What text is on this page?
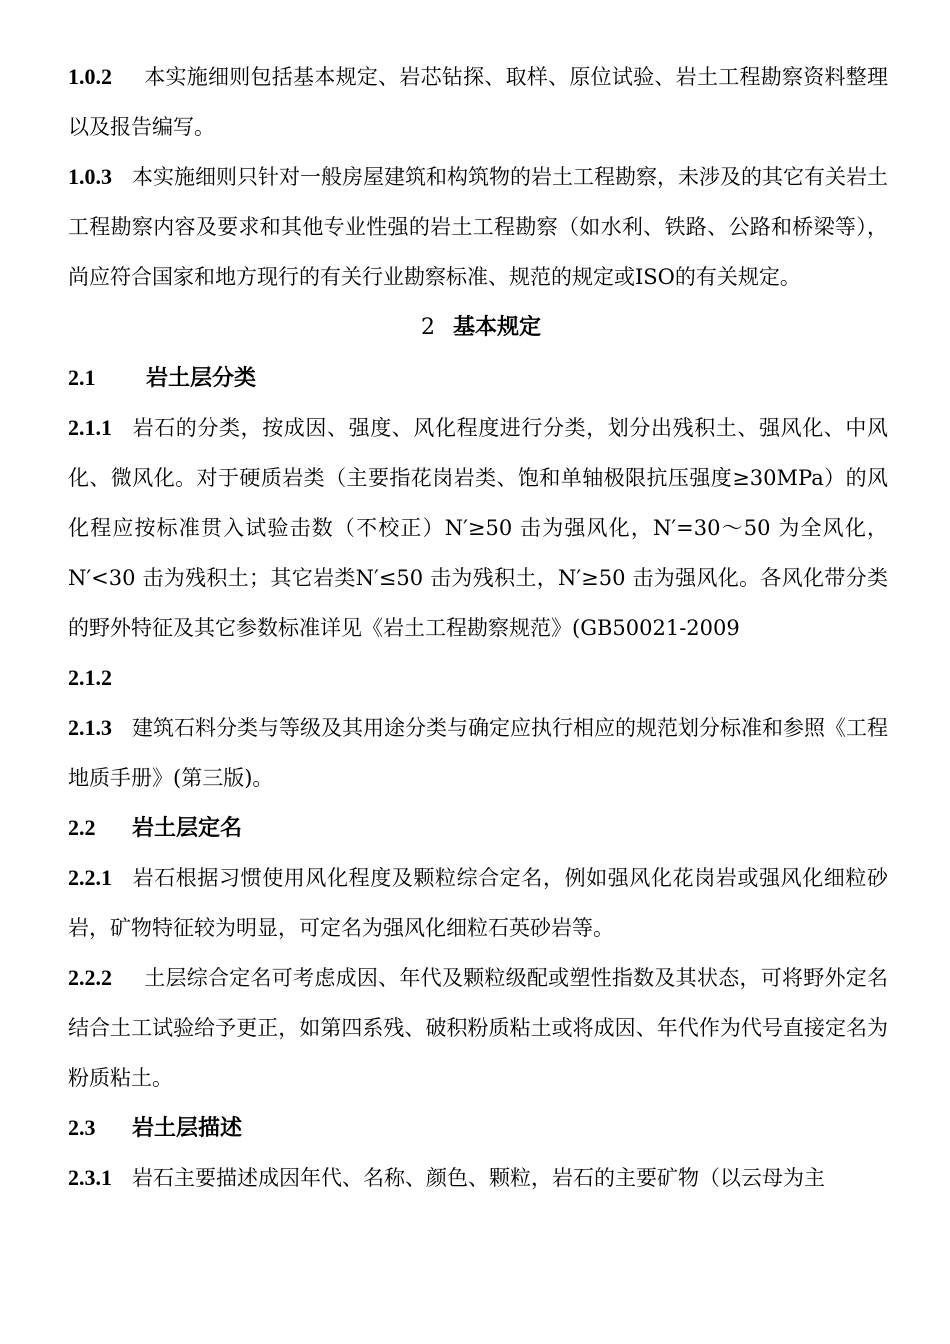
1.0.2 本实施细则包括基本规定、岩芯钻探、取样、原位试验、岩土工程勘察资料整理以及报告编写。

1.0.3 本实施细则只针对一般房屋建筑和构筑物的岩土工程勘察，未涉及的其它有关岩土工程勘察内容及要求和其他专业性强的岩土工程勘察（如水利、铁路、公路和桥梁等），尚应符合国家和地方现行的有关行业勘察标准、规范的规定或ISO的有关规定。

2 基本规定

2.1 岩土层分类

2.1.1 岩石的分类，按成因、强度、风化程度进行分类，划分出残积土、强风化、中风化、微风化。对于硬质岩类（主要指花岗岩类、饱和单轴极限抗压强度≥30MPa）的风化程应按标准贯入试验击数（不校正）N′≥50 击为强风化，N′=30～50 为全风化，N′<30 击为残积土；其它岩类N′≤50 击为残积土，N′≥50 击为强风化。各风化带分类的野外特征及其它参数标准详见《岩土工程勘察规范》(GB50021-2009

2.1.2

2.1.3 建筑石料分类与等级及其用途分类与确定应执行相应的规范划分标准和参照《工程地质手册》(第三版)。

2.2 岩土层定名

2.2.1 岩石根据习惯使用风化程度及颗粒综合定名，例如强风化花岗岩或强风化细粒砂岩，矿物特征较为明显，可定名为强风化细粒石英砂岩等。

2.2.2 土层综合定名可考虑成因、年代及颗粒级配或塑性指数及其状态，可将野外定名结合土工试验给予更正，如第四系残、破积粉质粘土或将成因、年代作为代号直接定名为粉质粘土。

2.3 岩土层描述

2.3.1 岩石主要描述成因年代、名称、颜色、颗粒，岩石的主要矿物（以云母为主
